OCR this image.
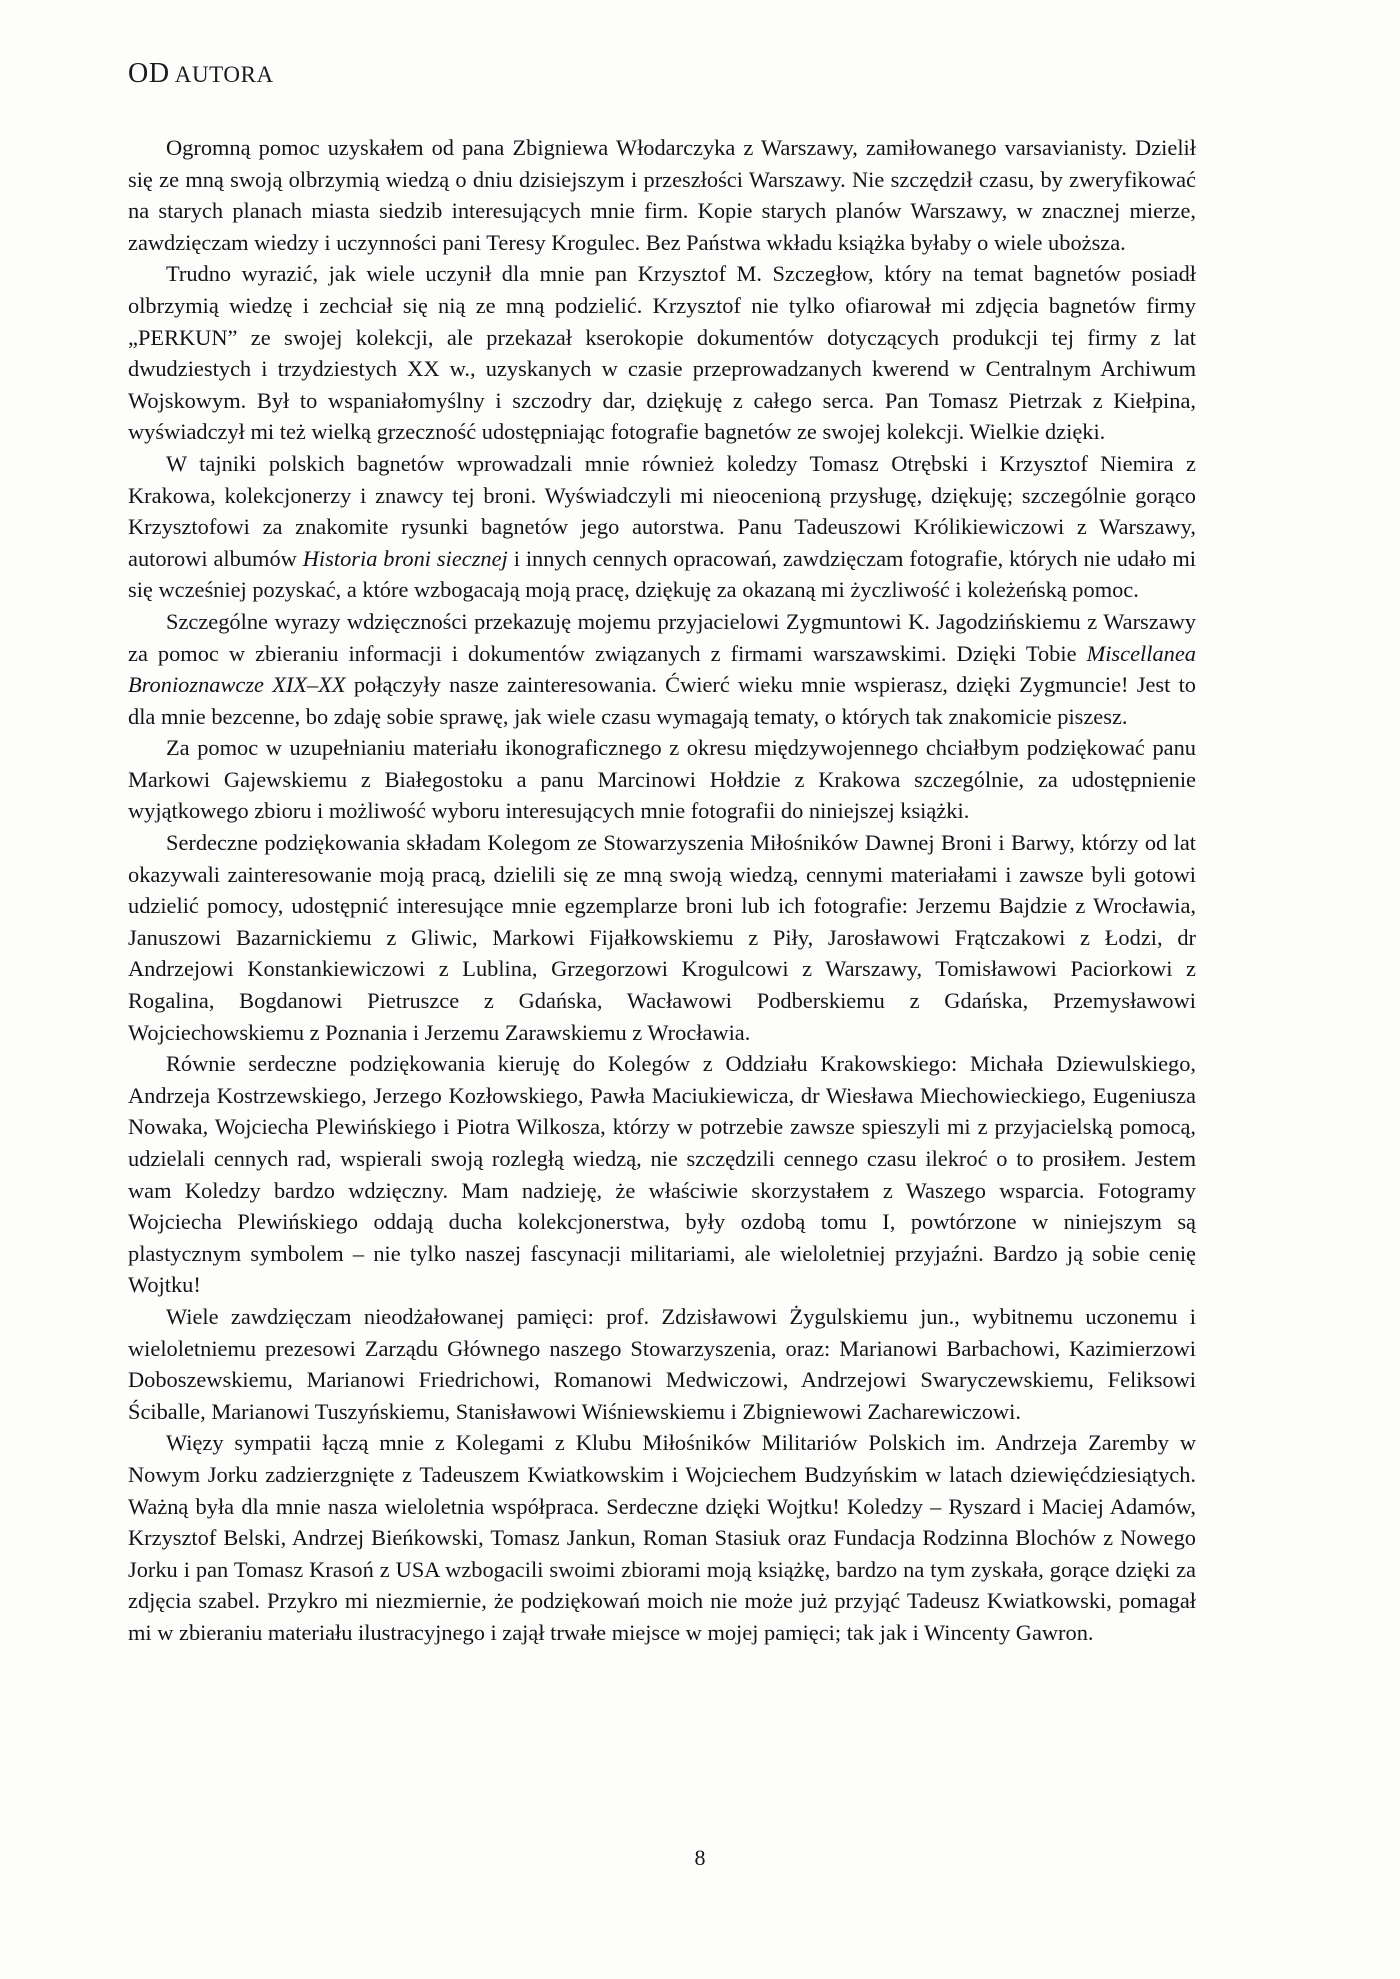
OD AUTORA

Ogromną pomoc uzyskałem od pana Zbigniewa Włodarczyka z Warszawy, zamiłowanego varsavianisty. Dzielił się ze mną swoją olbrzymią wiedzą o dniu dzisiejszym i przeszłości Warszawy. Nie szczędził czasu, by zweryfikować na starych planach miasta siedzib interesujących mnie firm. Kopie starych planów Warszawy, w znacznej mierze, zawdzięczam wiedzy i uczynności pani Teresy Krogulec. Bez Państwa wkładu książka byłaby o wiele uboższa.

Trudno wyrazić, jak wiele uczynił dla mnie pan Krzysztof M. Szczegłow, który na temat bagnetów posiadł olbrzymią wiedzę i zechciał się nią ze mną podzielić. Krzysztof nie tylko ofiarował mi zdjęcia bagnetów firmy „PERKUN” ze swojej kolekcji, ale przekazał kserokopie dokumentów dotyczących produkcji tej firmy z lat dwudziestych i trzydziestych XX w., uzyskanych w czasie przeprowadzanych kwerend w Centralnym Archiwum Wojskowym. Był to wspaniałomyślny i szczodry dar, dziękuję z całego serca. Pan Tomasz Pietrzak z Kiełpina, wyświadczył mi też wielką grzeczność udostępniając fotografie bagnetów ze swojej kolekcji. Wielkie dzięki.

W tajniki polskich bagnetów wprowadzali mnie również koledzy Tomasz Otrębski i Krzysztof Niemira z Krakowa, kolekcjonerzy i znawcy tej broni. Wyświadczyli mi nieocenioną przysługę, dziękuję; szczególnie gorąco Krzysztofowi za znakomite rysunki bagnetów jego autorstwa. Panu Tadeuszowi Królikiewiczowi z Warszawy, autorowi albumów Historia broni siecznej i innych cennych opracowań, zawdzięczam fotografie, których nie udało mi się wcześniej pozyskać, a które wzbogacają moją pracę, dziękuję za okazaną mi życzliwość i koleżeńską pomoc.

Szczególne wyrazy wdzięczności przekazuję mojemu przyjacielowi Zygmuntowi K. Jagodzińskiemu z Warszawy za pomoc w zbieraniu informacji i dokumentów związanych z firmami warszawskimi. Dzięki Tobie Miscellanea Bronioznawcze XIX–XX połączyły nasze zainteresowania. Ćwierć wieku mnie wspierasz, dzięki Zygmuncie! Jest to dla mnie bezcenne, bo zdaję sobie sprawę, jak wiele czasu wymagają tematy, o których tak znakomicie piszesz.

Za pomoc w uzupełnianiu materiału ikonograficznego z okresu międzywojennego chciałbym podziękować panu Markowi Gajewskiemu z Białegostoku a panu Marcinowi Hołdzie z Krakowa szczególnie, za udostępnienie wyjątkowego zbioru i możliwość wyboru interesujących mnie fotografii do niniejszej książki.

Serdeczne podziękowania składam Kolegom ze Stowarzyszenia Miłośników Dawnej Broni i Barwy, którzy od lat okazywali zainteresowanie moją pracą, dzielili się ze mną swoją wiedzą, cennymi materiałami i zawsze byli gotowi udzielić pomocy, udostępnić interesujące mnie egzemplarze broni lub ich fotografie: Jerzemu Bajdzie z Wrocławia, Januszowi Bazarnickiemu z Gliwic, Markowi Fijałkowskiemu z Piły, Jarosławowi Frątczakowi z Łodzi, dr Andrzejowi Konstankiewiczowi z Lublina, Grzegorzowi Krogulcowi z Warszawy, Tomisławowi Paciorkowi z Rogalina, Bogdanowi Pietruszce z Gdańska, Wacławowi Podberskiemu z Gdańska, Przemysławowi Wojciechowskiemu z Poznania i Jerzemu Zarawskiemu z Wrocławia.

Równie serdeczne podziękowania kieruję do Kolegów z Oddziału Krakowskiego: Michała Dziewulskiego, Andrzeja Kostrzewskiego, Jerzego Kozłowskiego, Pawła Maciukiewicza, dr Wiesława Miechowieckiego, Eugeniusza Nowaka, Wojciecha Plewińskiego i Piotra Wilkosza, którzy w potrzebie zawsze spieszyli mi z przyjacielską pomocą, udzielali cennych rad, wspierali swoją rozległą wiedzą, nie szczędzili cennego czasu ilekroć o to prosiłem. Jestem wam Koledzy bardzo wdzięczny. Mam nadzieję, że właściwie skorzystałem z Waszego wsparcia. Fotogramy Wojciecha Plewińskiego oddają ducha kolekcjonerstwa, były ozdobą tomu I, powtórzone w niniejszym są plastycznym symbolem – nie tylko naszej fascynacji militariami, ale wieloletniej przyjaźni. Bardzo ją sobie cenię Wojtku!

Wiele zawdzięczam nieodżałowanej pamięci: prof. Zdzisławowi Żygulskiemu jun., wybitnemu uczonemu i wieloletniemu prezesowi Zarządu Głównego naszego Stowarzyszenia, oraz: Marianowi Barbachowi, Kazimierzowi Doboszewskiemu, Marianowi Friedrichowi, Romanowi Medwiczowi, Andrzejowi Swaryczewskiemu, Feliksowi Ściballe, Marianowi Tuszyńskiemu, Stanisławowi Wiśniewskiemu i Zbigniewowi Zacharewiczowi.

Więzy sympatii łączą mnie z Kolegami z Klubu Miłośników Militariów Polskich im. Andrzeja Zaremby w Nowym Jorku zadzierzgnięte z Tadeuszem Kwiatkowskim i Wojciechem Budzyńskim w latach dziewięćdziesiątych. Ważną była dla mnie nasza wieloletnia współpraca. Serdeczne dzięki Wojtku! Koledzy – Ryszard i Maciej Adamów, Krzysztof Belski, Andrzej Bieńkowski, Tomasz Jankun, Roman Stasiuk oraz Fundacja Rodzinna Blochów z Nowego Jorku i pan Tomasz Krasoń z USA wzbogacili swoimi zbiorami moją książkę, bardzo na tym zyskała, gorące dzięki za zdjęcia szabel. Przykro mi niezmiernie, że podziękowań moich nie może już przyjąć Tadeusz Kwiatkowski, pomagał mi w zbieraniu materiału ilustracyjnego i zajął trwałe miejsce w mojej pamięci; tak jak i Wincenty Gawron.

8
